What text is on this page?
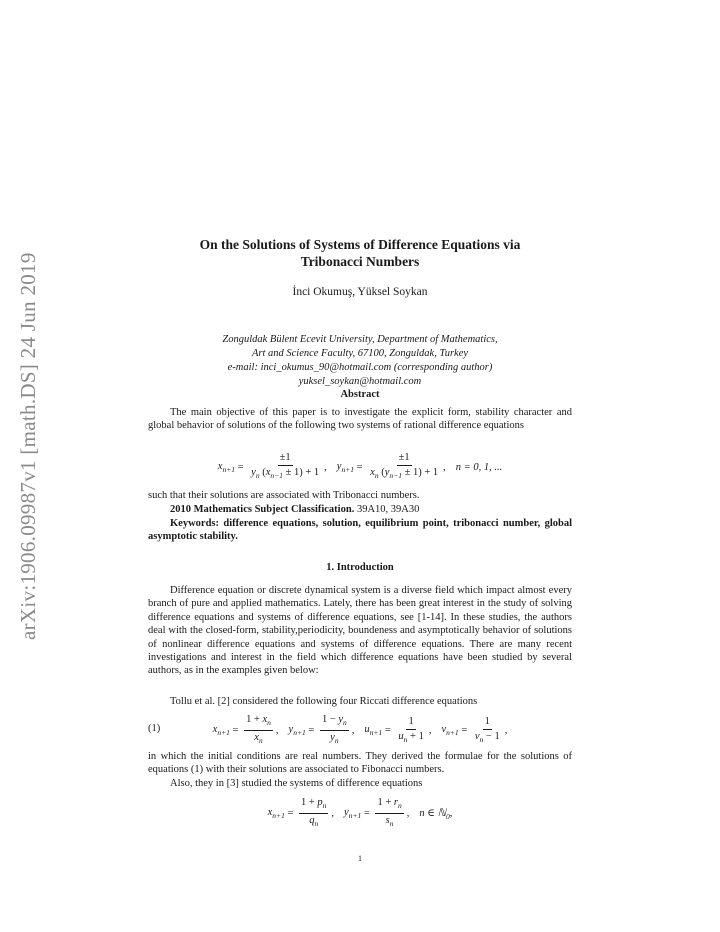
arXiv:1906.09987v1 [math.DS] 24 Jun 2019
On the Solutions of Systems of Difference Equations via
Tribonacci Numbers
İnci Okumuş, Yüksel Soykan
Zonguldak Bülent Ecevit University, Department of Mathematics,
Art and Science Faculty, 67100, Zonguldak, Turkey
e-mail: inci_okumus_90@hotmail.com (corresponding author)
yuksel_soykan@hotmail.com
Abstract
The main objective of this paper is to investigate the explicit form, stability character and global behavior of solutions of the following two systems of rational difference equations
$x_{n+1} = \frac{\pm 1}{y_n (x_{n-1} \pm 1) + 1}$ , $y_{n+1} = \frac{\pm 1}{x_n (y_{n-1} \pm 1) + 1}$ , n = 0, 1, ...
such that their solutions are associated with Tribonacci numbers.
2010 Mathematics Subject Classification. 39A10, 39A30
Keywords: difference equations, solution, equilibrium point, tribonacci number, global asymptotic stability.
1. Introduction
Difference equation or discrete dynamical system is a diverse field which impact almost every branch of pure and applied mathematics. Lately, there has been great interest in the study of solving difference equations and systems of difference equations, see [1-14]. In these studies, the authors deal with the closed-form, stability,periodicity, boundeness and asymptotically behavior of solutions of nonlinear difference equations and systems of difference equations. There are many recent investigations and interest in the field which difference equations have been studied by several authors, as in the examples given below:
Tollu et al. [2] considered the following four Riccati difference equations
(1)	$x_{n+1} = \frac{1 + x_n}{x_n}$ , $y_{n+1} = \frac{1 - y_n}{y_n}$ , $u_{n+1} = \frac{1}{u_n + 1}$ , $v_{n+1} = \frac{1}{v_n - 1}$ ,
in which the initial conditions are real numbers. They derived the formulae for the solutions of equations (1) with their solutions are associated to Fibonacci numbers.
Also, they in [3] studied the systems of difference equations
$x_{n+1} = \frac{1 + p_n}{q_n}$ , $y_{n+1} = \frac{1 + r_n}{s_n}$ , n ∈ ℕ$_0$,
1
